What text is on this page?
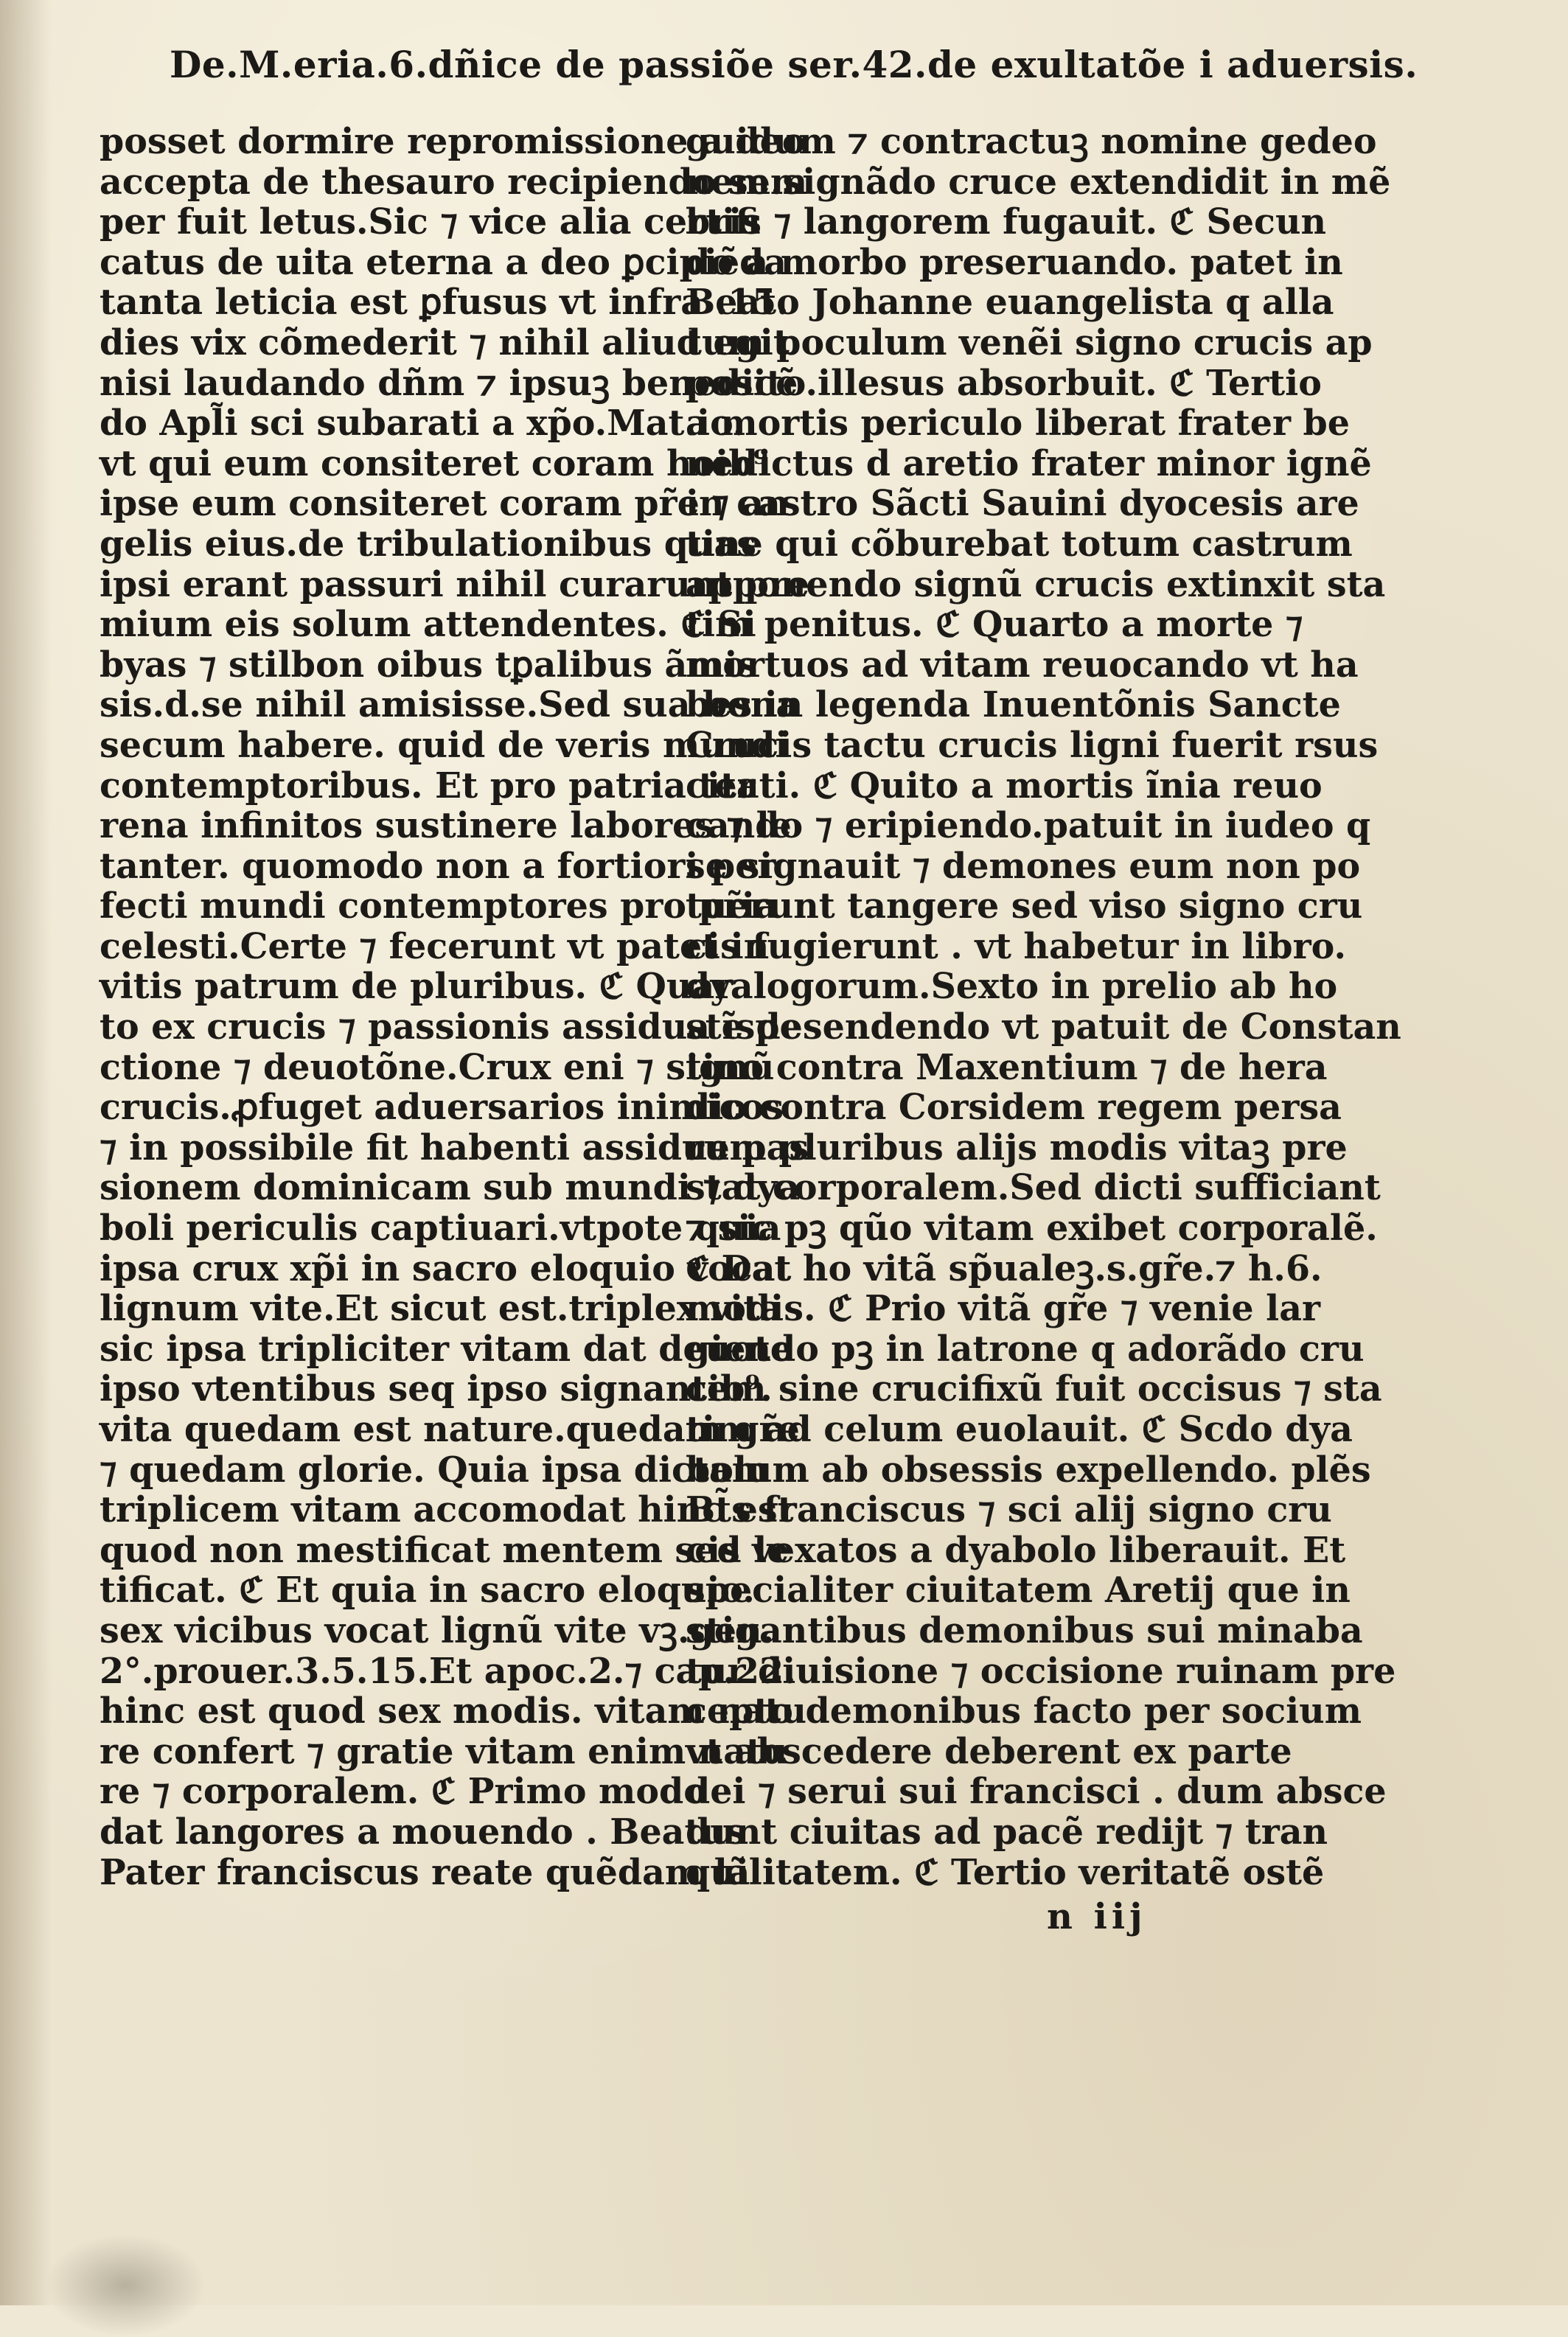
De.M.eria.6.dñice de passiõe ser.42.de exultatõe i aduersis.
posset dormire repromissione a deo
accepta de thesauro recipiendo sem
per fuit letus.Sic ⁊ vice alia certifi
catus de uita eterna a deo ꝑcipiẽda
tanta leticia est ꝑfusus vt infra .15.
dies vix cõmederit ⁊ nihil aliud egit
nisi laudando dñm ⁊ ipsuꝫ benedicẽ
do Apl̃i sci subarati a xp̃o.Mat.io.
vt qui eum consiteret coram hoib⁹
ipse eum consiteret coram pr̃e ⁊ an
gelis eius.de tribulationibus quas
ipsi erant passuri nihil curarunt pre
mium eis solum attendentes. ℭ Si
byas ⁊ stilbon oibus tꝑalibus ãmis
sis.d.se nihil amisisse.Sed sua bona
secum habere. quid de veris mundi
contemptoribus. Et pro patria ter
rena infinitos sustinere labores ⁊ le
tanter. quomodo non a fortiori per
fecti mundi contemptores pro pr̃ia
celesti.Certe ⁊ fecerunt vt patet in
vitis patrum de pluribus. ℭ Quar
to ex crucis ⁊ passionis assidua ĩspe
ctione ⁊ deuotõne.Crux eni ⁊ signũ
crucis.ꝓfuget aduersarios inimicos
⁊ in possibile fit habenti assidue pas
sionem dominicam sub mundi ⁊ dya
boli periculis captiuari.vtpote quia
ipsa crux xp̃i in sacro eloquio vocat
lignum vite.Et sicut est.triplex vita
sic ipsa tripliciter vitam dat deuote
ipso vtentibus seq ipso signantib⁹.
vita quedam est nature.quedam gr̃e
⁊ quedam glorie. Quia ipsa dictam
triplicem vitam accomodat hinc est
quod non mestificat mentem sed le
tificat. ℭ Et quia in sacro eloquio.
sex vicibus vocat lignũ vite vꝫ.gen.
2°.prouer.3.5.15.Et apoc.2.⁊ cap.22.
hinc est quod sex modis. vitam natu
re confert ⁊ gratie vitam enim natu
re ⁊ corporalem. ℭ Primo modo
dat langores a mouendo . Beatus
Pater franciscus reate quẽdam lã
guidum ⁊ contractuꝫ nomine gedeo
nem.signãdo cruce extendidit in mẽ
bris ⁊ langorem fugauit. ℭ Secun
do a morbo preseruando. patet in
Beato Johanne euangelista q alla
tum poculum venẽi signo crucis ap
posito.illesus absorbuit. ℭ Tertio
a mortis periculo liberat frater be
nedictus d aretio frater minor ignẽ
in castro Sãcti Sauini dyocesis are
tine qui cõburebat totum castrum
apponendo signũ crucis extinxit sta
tim penitus. ℭ Quarto a morte ⁊
mortuos ad vitam reuocando vt ha
bes in legenda Inuentõnis Sancte
Crucis tactu crucis ligni fuerit rsus
citati. ℭ Quito a mortis ĩnia reuo
cando ⁊ eripiendo.patuit in iudeo q
se signauit ⁊ demones eum non po
tuerunt tangere sed viso signo cru
cis fugierunt . vt habetur in libro.
dyalogorum.Sexto in prelio ab ho
ste desendendo vt patuit de Constan
tino contra Maxentium ⁊ de hera
dio contra Corsidem regem persa
rum pluribus alijs modis vitaꝫ pre
stat corporalem.Sed dicti sufficiant
⁊ sic pꝫ qũo vitam exibet corporalẽ.
ℭ Dat ho vitã sp̃ualeꝫ.s.gr̃e.⁊ h.6.
modis. ℭ Prio vitã gr̃e ⁊ venie lar
giendo pꝫ in latrone q adorãdo cru
cem sine crucifixũ fuit occisus ⁊ sta
tim ad celum euolauit. ℭ Scdo dya
bolum ab obsessis expellendo. plẽs
Bt̃s franciscus ⁊ sci alij signo cru
cis vexatos a dyabolo liberauit. Et
specialiter ciuitatem Aretij que in
stigantibus demonibus sui minaba
tur diuisione ⁊ occisione ruinam pre
cepto demonibus facto per socium
vt abscedere deberent ex parte
dei ⁊ serui sui francisci . dum absce
dunt ciuitas ad pacẽ redijt ⁊ tran
quilitatem. ℭ Tertio veritatẽ ostẽ
n iij
